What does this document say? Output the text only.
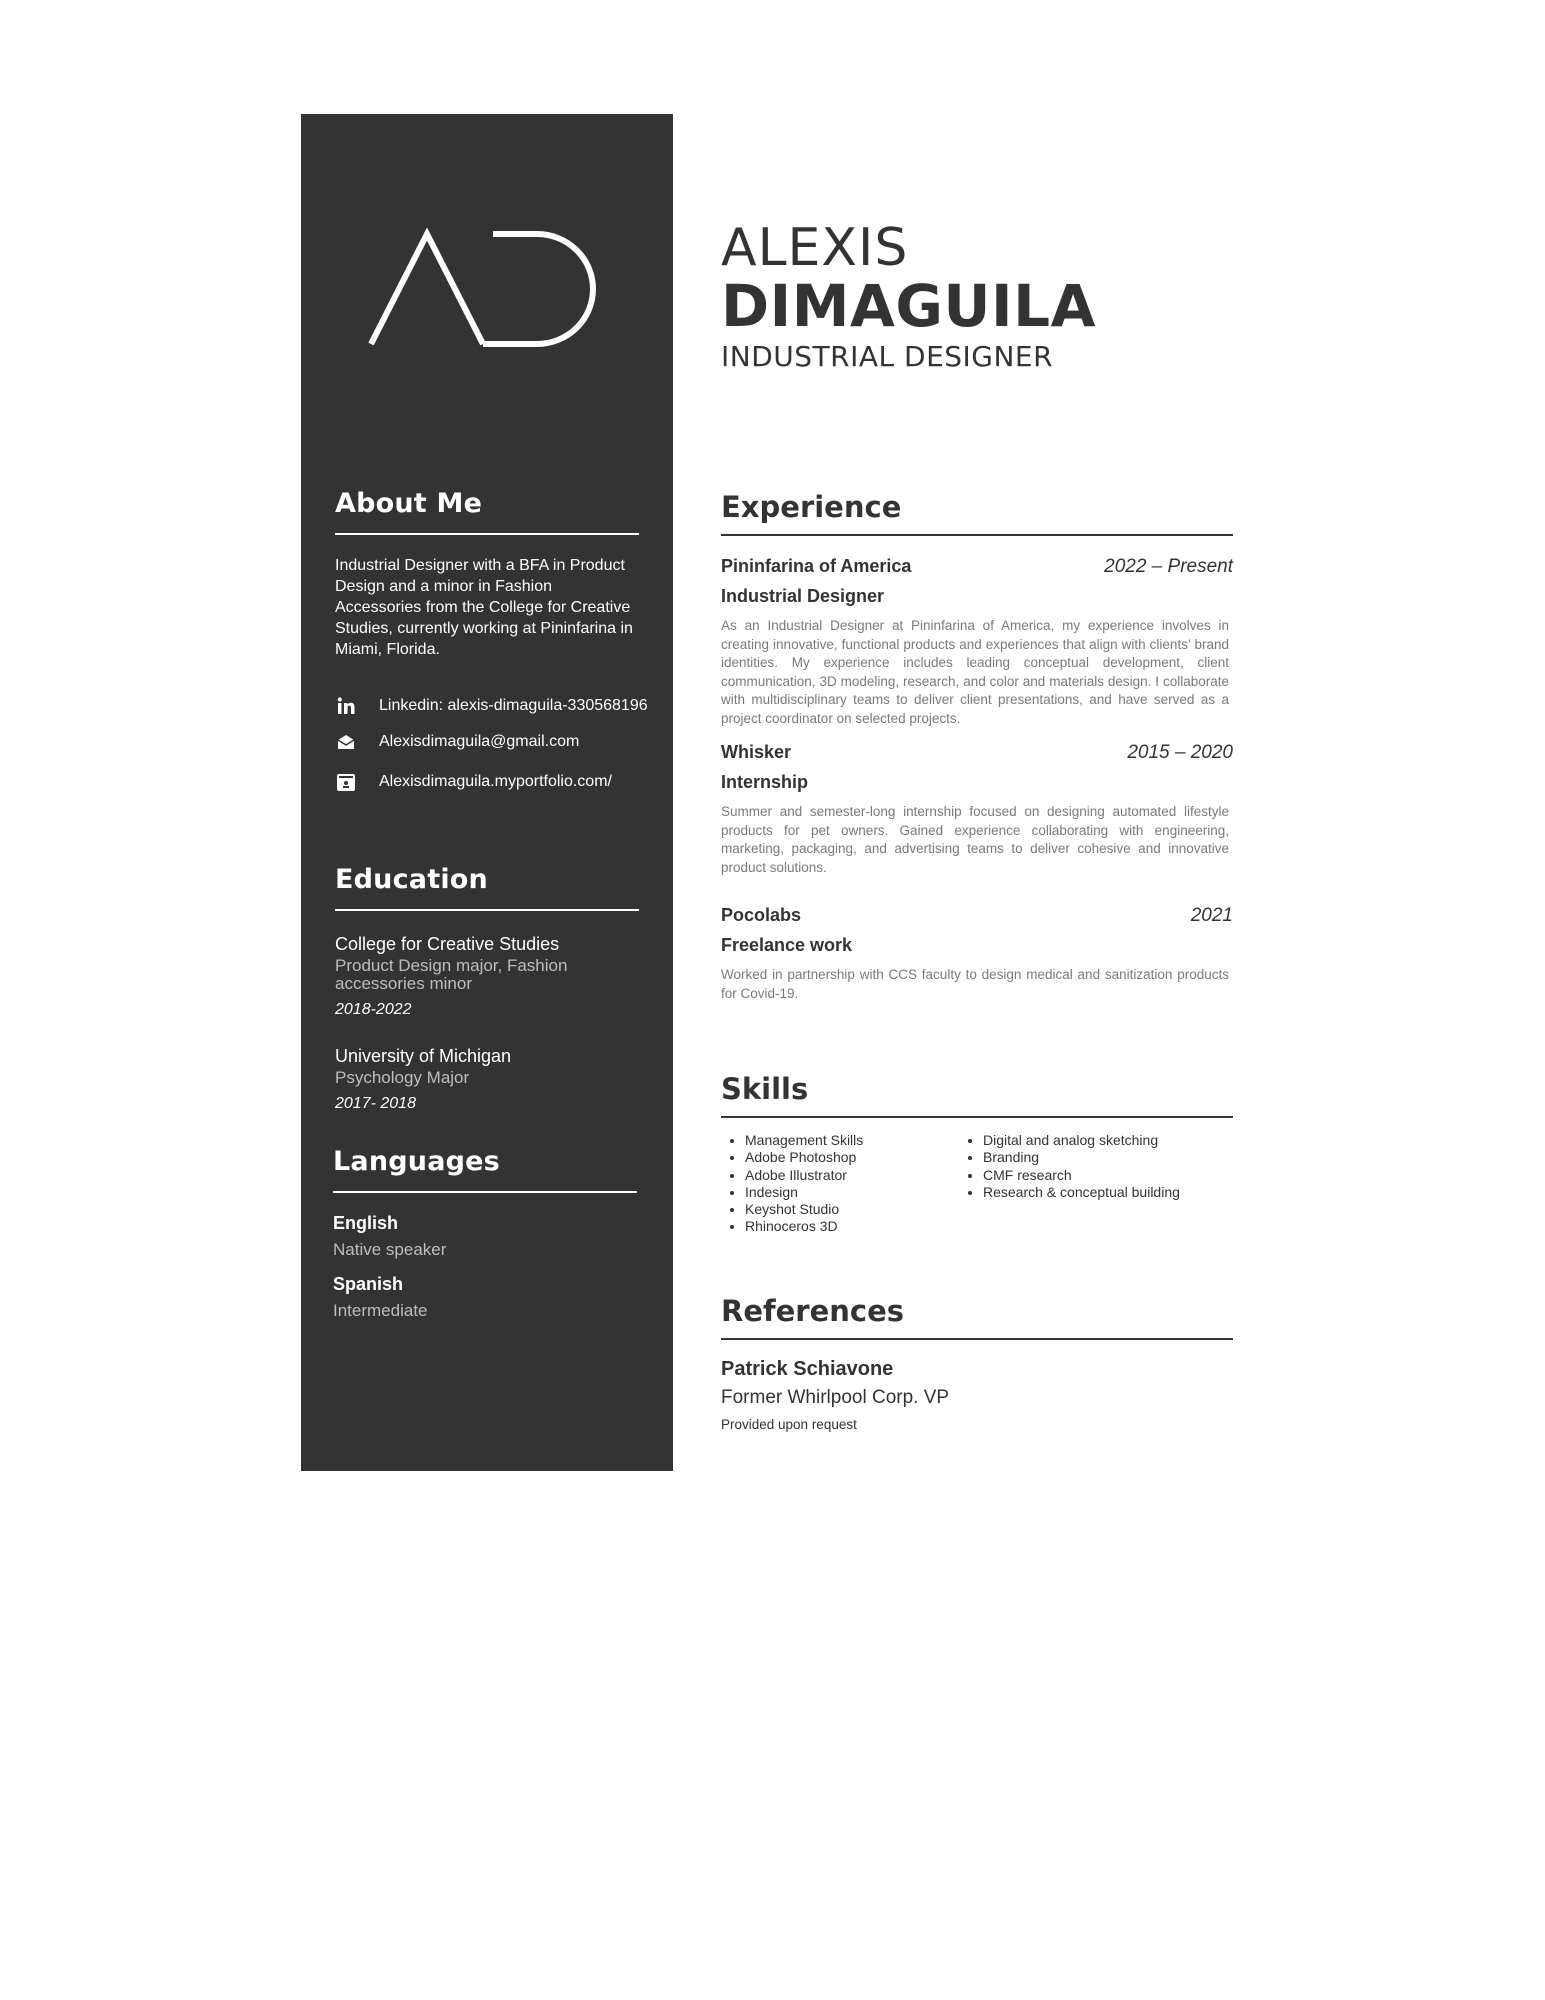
About Me
Industrial Designer with a BFA in Product Design and a minor in Fashion Accessories from the College for Creative Studies, currently working at Pininfarina in Miami, Florida.
Linkedin: alexis-dimaguila-330568196
Alexisdimaguila@gmail.com
Alexisdimaguila.myportfolio.com/
Education
College for Creative Studies
Product Design major, Fashion accessories minor
2018-2022
University of Michigan
Psychology Major
2017- 2018
Languages
English
Native speaker
Spanish
Intermediate
ALEXIS
DIMAGUILA
INDUSTRIAL DESIGNER
Experience
Pininfarina of America	2022 – Present
Industrial Designer
As an Industrial Designer at Pininfarina of America, my experience involves in creating innovative, functional products and experiences that align with clients’ brand identities. My experience includes leading conceptual development, client communication, 3D modeling, research, and color and materials design. I collaborate with multidisciplinary teams to deliver client presentations, and have served as a project coordinator on selected projects.
Whisker	2015 – 2020
Internship
Summer and semester-long internship focused on designing automated lifestyle products for pet owners. Gained experience collaborating with engineering, marketing, packaging, and advertising teams to deliver cohesive and innovative product solutions.
Pocolabs	2021
Freelance work
Worked in partnership with CCS faculty to design medical and sanitization products for Covid-19.
Skills
• Management Skills
• Adobe Photoshop
• Adobe Illustrator
• Indesign
• Keyshot Studio
• Rhinoceros 3D
• Digital and analog sketching
• Branding
• CMF research
• Research & conceptual building
References
Patrick Schiavone
Former Whirlpool Corp. VP
Provided upon request
